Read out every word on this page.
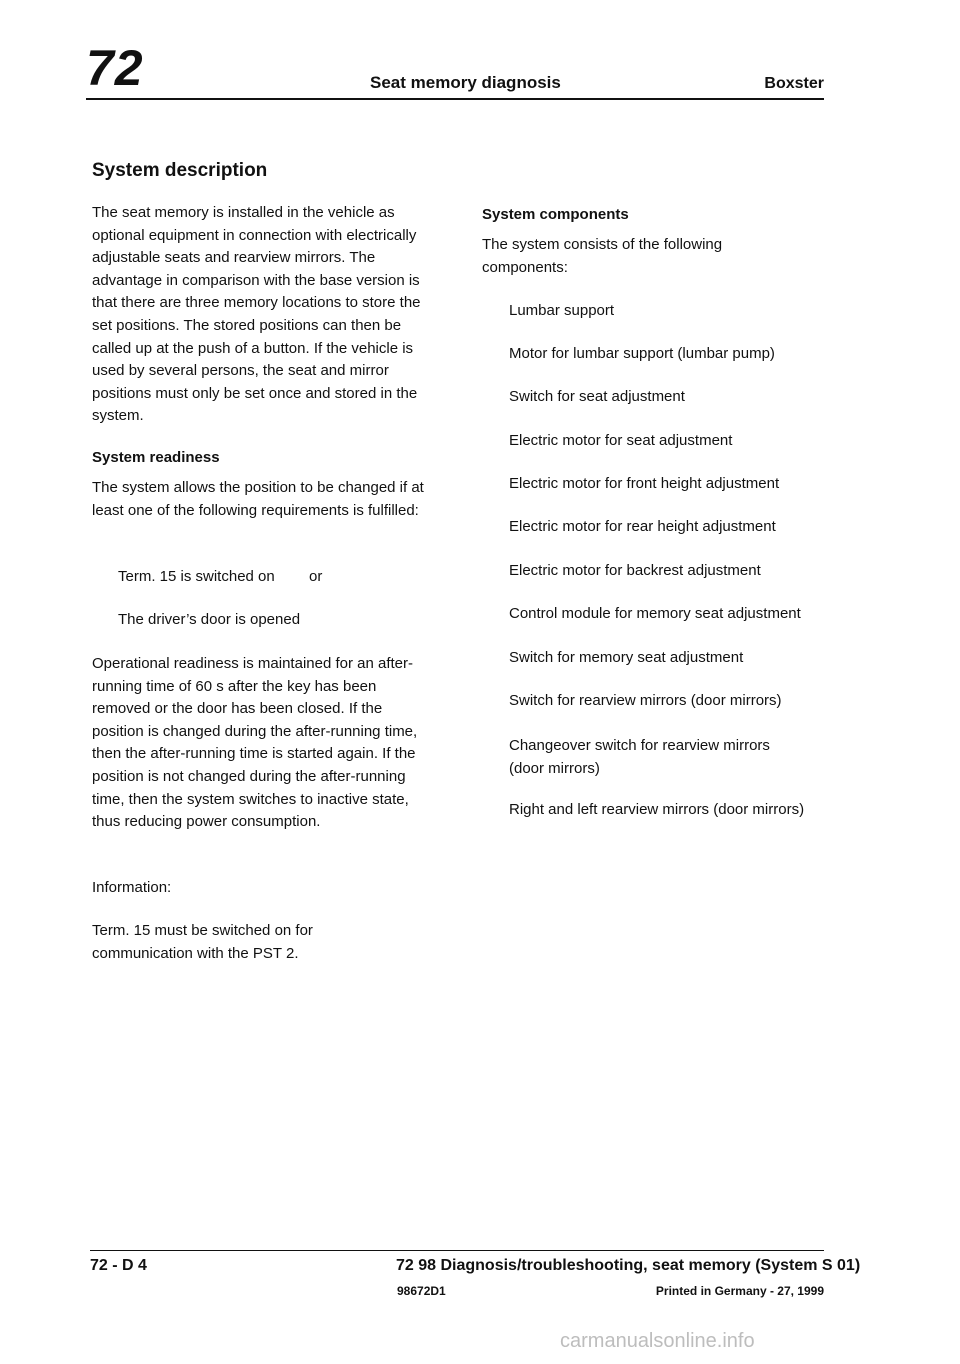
72	Seat memory diagnosis	Boxster
System description
The seat memory is installed in the vehicle as optional equipment in connection with electrically adjustable seats and rearview mirrors. The advantage in comparison with the base version is that there are three memory locations to store the set positions. The stored positions can then be called up at the push of a button. If the vehicle is used by several persons, the seat and mirror positions must only be set once and stored in the system.
System readiness
The system allows the position to be changed if at least one of the following requirements is fulfilled:
Term. 15 is switched on or
The driver’s door is opened
Operational readiness is maintained for an after-running time of 60 s after the key has been removed or the door has been closed. If the position is changed during the after-running time, then the after-running time is started again. If the position is not changed during the after-running time, then the system switches to inactive state, thus reducing power consumption.
Information:
Term. 15 must be switched on for communication with the PST 2.
System components
The system consists of the following components:
Lumbar support
Motor for lumbar support (lumbar pump)
Switch for seat adjustment
Electric motor for seat adjustment
Electric motor for front height adjustment
Electric motor for rear height adjustment
Electric motor for backrest adjustment
Control module for memory seat adjustment
Switch for memory seat adjustment
Switch for rearview mirrors (door mirrors)
Changeover switch for rearview mirrors (door mirrors)
Right and left rearview mirrors (door mirrors)
72 - D 4	72 98 Diagnosis/troubleshooting, seat memory (System S 01)
98672D1	Printed in Germany - 27, 1999
carmanualsonline.info
